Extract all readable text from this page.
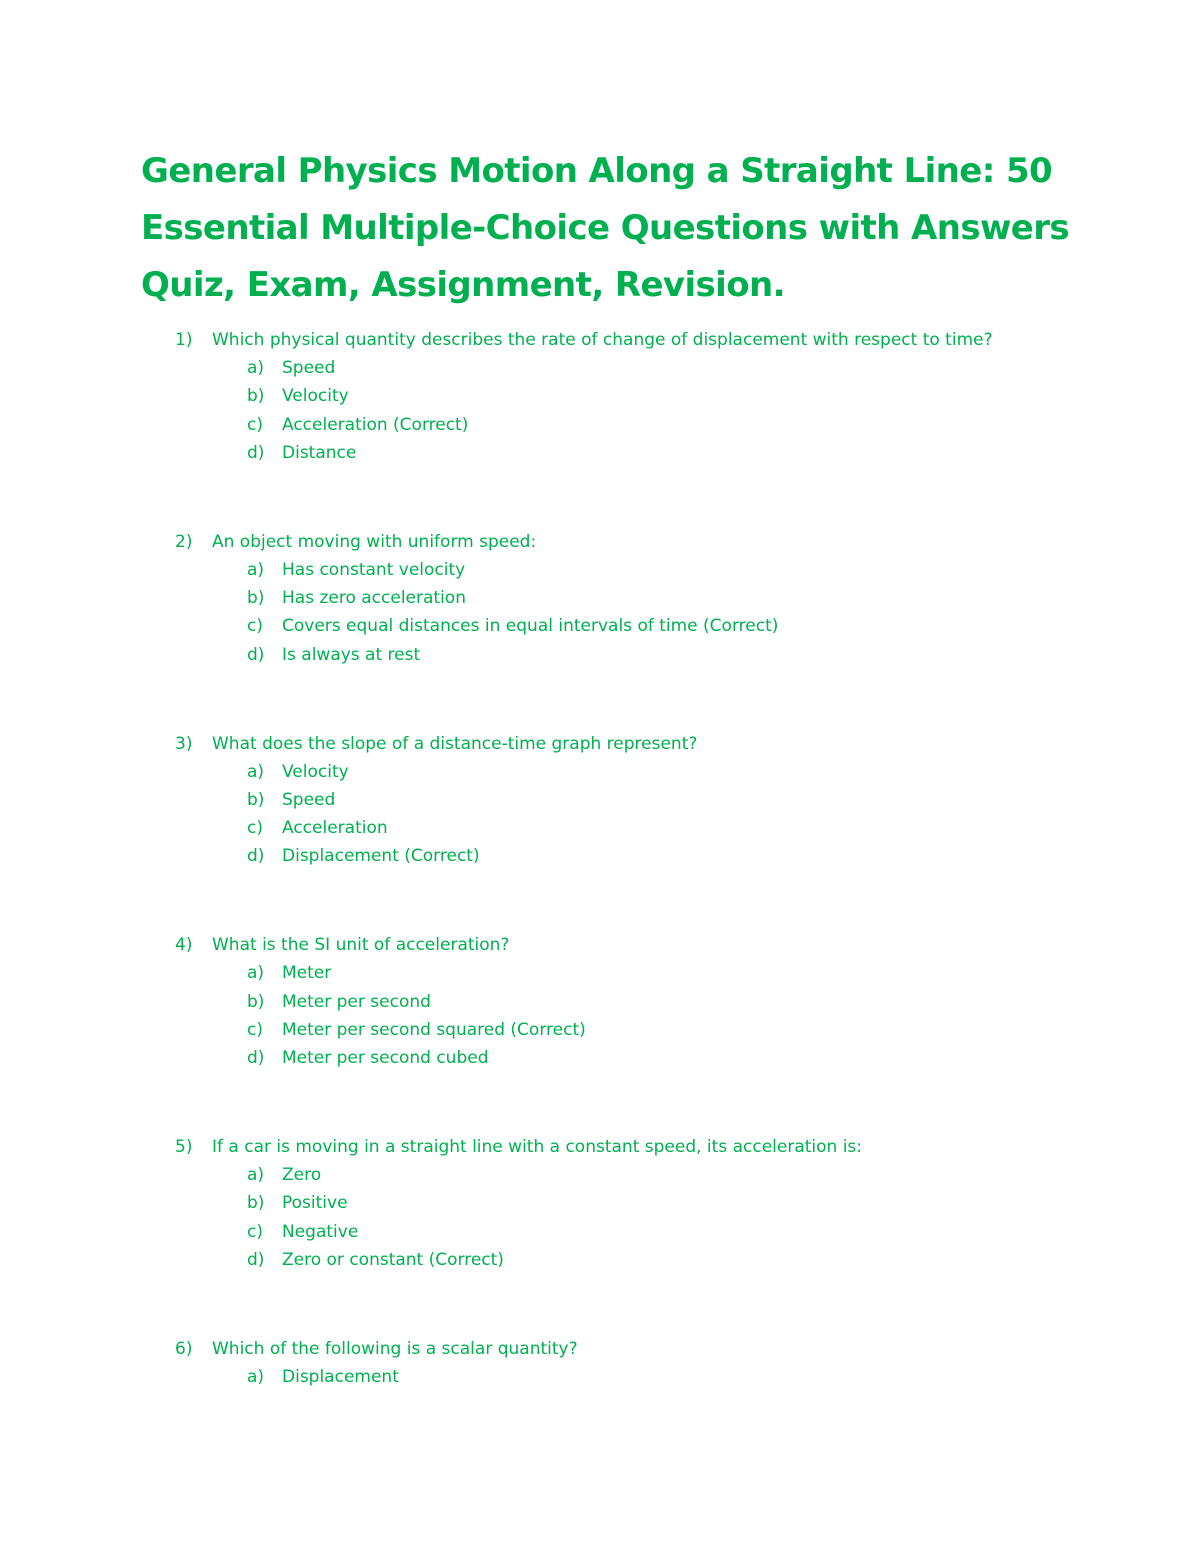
General Physics Motion Along a Straight Line: 50
Essential Multiple-Choice Questions with Answers
Quiz, Exam, Assignment, Revision.
1) Which physical quantity describes the rate of change of displacement with respect to time?
a) Speed
b) Velocity
c) Acceleration (Correct)
d) Distance
2) An object moving with uniform speed:
a) Has constant velocity
b) Has zero acceleration
c) Covers equal distances in equal intervals of time (Correct)
d) Is always at rest
3) What does the slope of a distance-time graph represent?
a) Velocity
b) Speed
c) Acceleration
d) Displacement (Correct)
4) What is the SI unit of acceleration?
a) Meter
b) Meter per second
c) Meter per second squared (Correct)
d) Meter per second cubed
5) If a car is moving in a straight line with a constant speed, its acceleration is:
a) Zero
b) Positive
c) Negative
d) Zero or constant (Correct)
6) Which of the following is a scalar quantity?
a) Displacement
